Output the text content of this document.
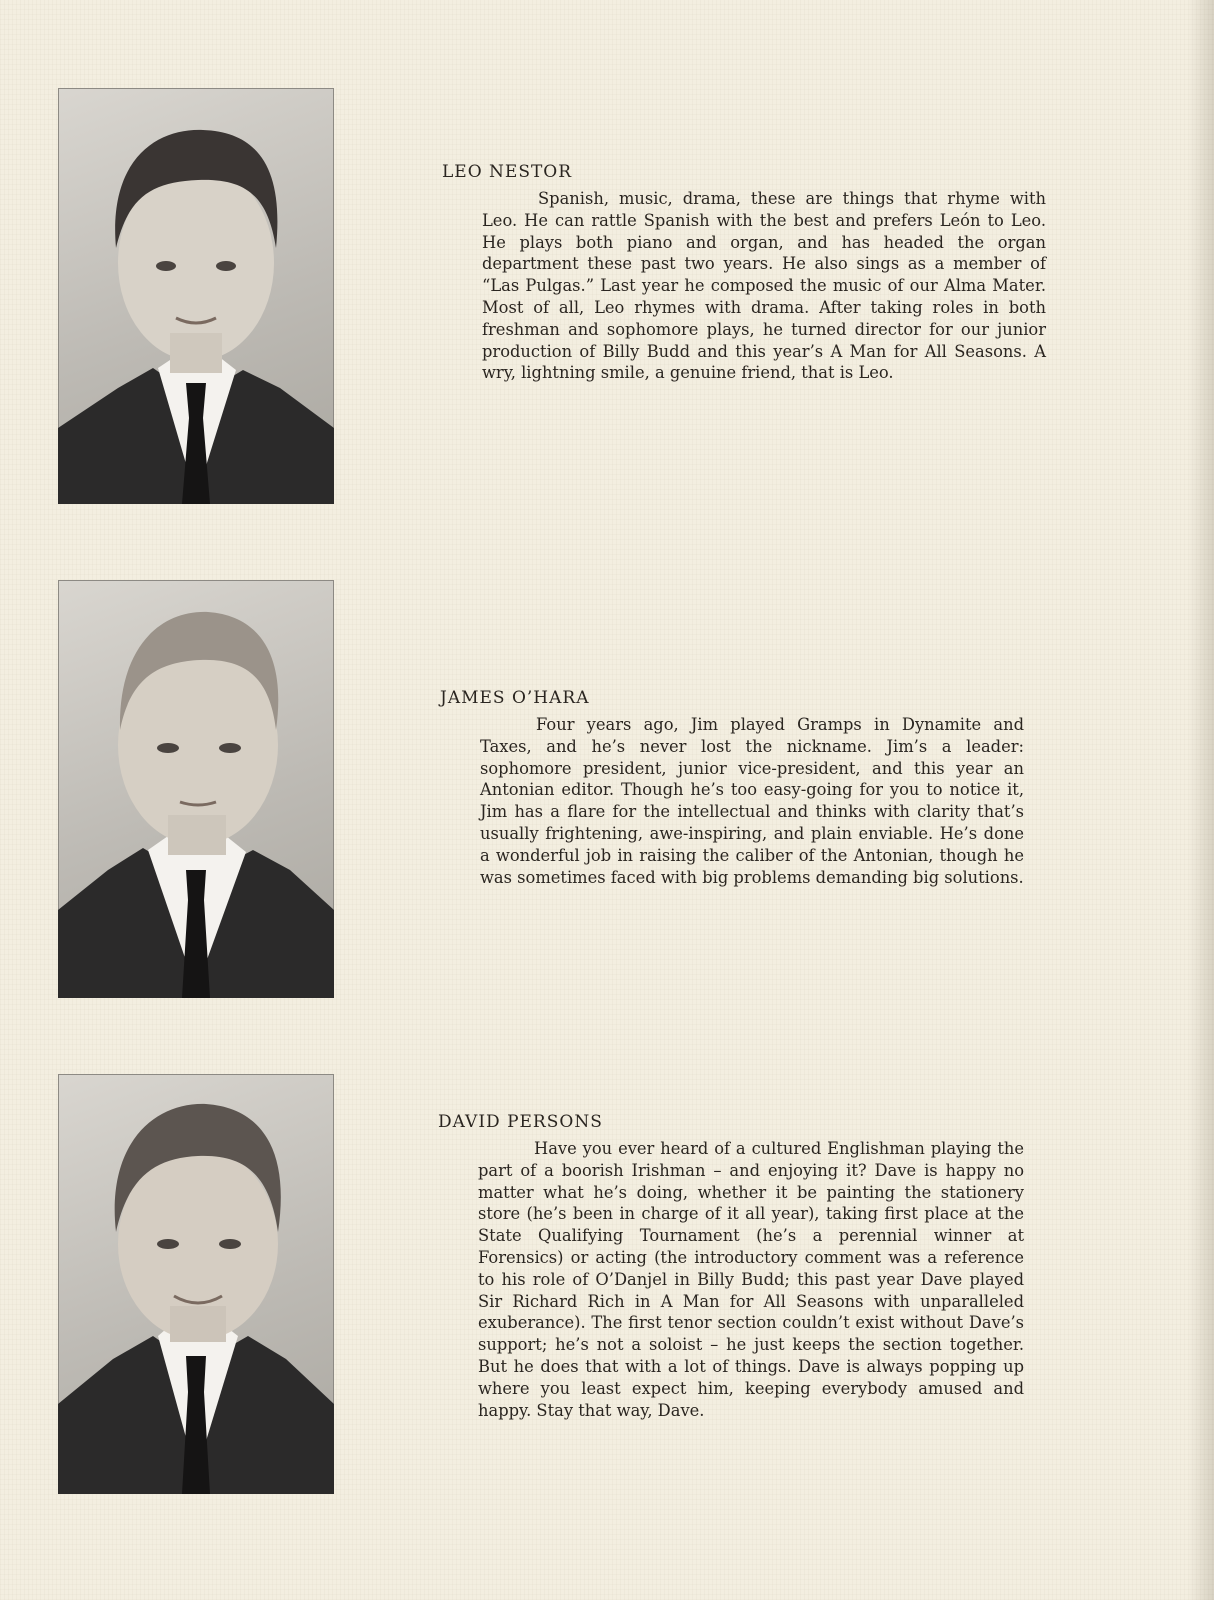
LEO NESTOR

Spanish, music, drama, these are things that rhyme with Leo. He can rattle Spanish with the best and prefers León to Leo. He plays both piano and organ, and has headed the organ department these past two years. He also sings as a member of “Las Pulgas.” Last year he composed the music of our Alma Mater. Most of all, Leo rhymes with drama. After taking roles in both freshman and sophomore plays, he turned director for our junior production of Billy Budd and this year’s A Man for All Seasons. A wry, lightning smile, a genuine friend, that is Leo.

JAMES O’HARA

Four years ago, Jim played Gramps in Dynamite and Taxes, and he’s never lost the nickname. Jim’s a leader: sophomore president, junior vice-president, and this year an Antonian editor. Though he’s too easy-going for you to notice it, Jim has a flare for the intellectual and thinks with clarity that’s usually frightening, awe-inspiring, and plain enviable. He’s done a wonderful job in raising the caliber of the Antonian, though he was sometimes faced with big problems demanding big solutions.

DAVID PERSONS

Have you ever heard of a cultured Englishman playing the part of a boorish Irishman – and enjoying it? Dave is happy no matter what he’s doing, whether it be painting the stationery store (he’s been in charge of it all year), taking first place at the State Qualifying Tournament (he’s a perennial winner at Forensics) or acting (the introductory comment was a reference to his role of O’Danjel in Billy Budd; this past year Dave played Sir Richard Rich in A Man for All Seasons with unparalleled exuberance). The first tenor section couldn’t exist without Dave’s support; he’s not a soloist – he just keeps the section together. But he does that with a lot of things. Dave is always popping up where you least expect him, keeping everybody amused and happy. Stay that way, Dave.
